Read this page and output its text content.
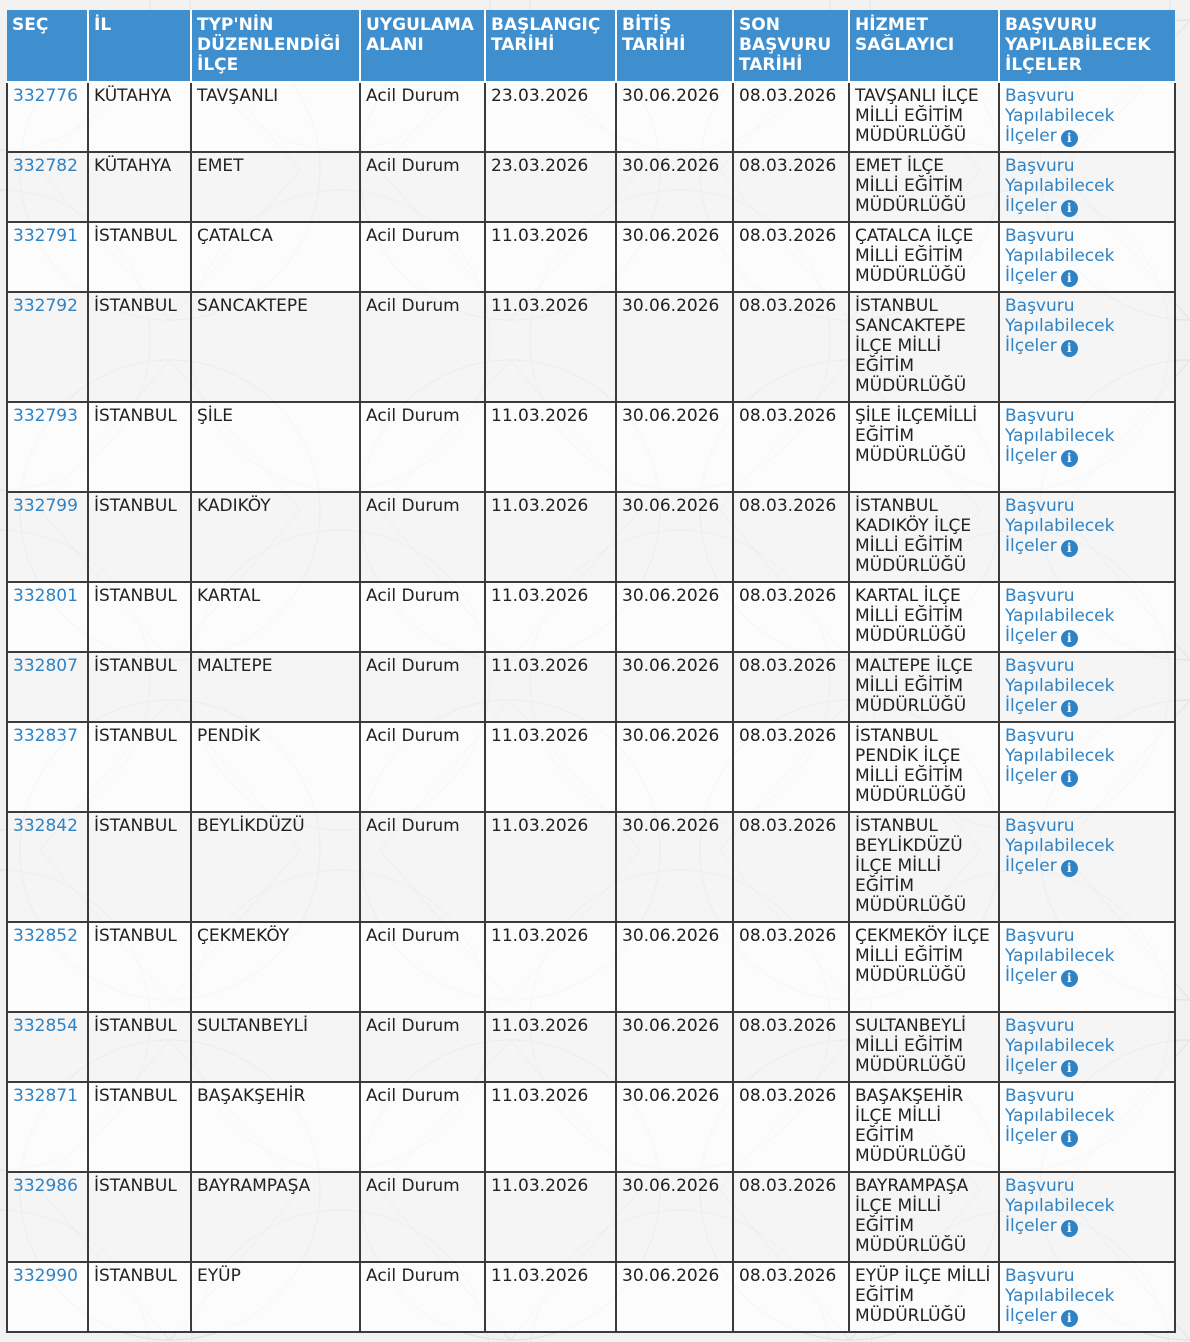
SEÇ	İL	TYP'NİN DÜZENLENDİĞİ İLÇE	UYGULAMA ALANI	BAŞLANGIÇ TARİHİ	BİTİŞ TARİHİ	SON BAŞVURU TARİHİ	HİZMET SAĞLAYICI	BAŞVURU YAPILABİLECEK İLÇELER
332776	KÜTAHYA	TAVŞANLI	Acil Durum	23.03.2026	30.06.2026	08.03.2026	TAVŞANLI İLÇE MİLLİ EĞİTİM MÜDÜRLÜĞÜ	Başvuru Yapılabilecek İlçeler i
332782	KÜTAHYA	EMET	Acil Durum	23.03.2026	30.06.2026	08.03.2026	EMET İLÇE MİLLİ EĞİTİM MÜDÜRLÜĞÜ	Başvuru Yapılabilecek İlçeler i
332791	İSTANBUL	ÇATALCA	Acil Durum	11.03.2026	30.06.2026	08.03.2026	ÇATALCA İLÇE MİLLİ EĞİTİM MÜDÜRLÜĞÜ	Başvuru Yapılabilecek İlçeler i
332792	İSTANBUL	SANCAKTEPE	Acil Durum	11.03.2026	30.06.2026	08.03.2026	İSTANBUL SANCAKTEPE İLÇE MİLLİ EĞİTİM MÜDÜRLÜĞÜ	Başvuru Yapılabilecek İlçeler i
332793	İSTANBUL	ŞİLE	Acil Durum	11.03.2026	30.06.2026	08.03.2026	ŞİLE İLÇEMİLLİ EĞİTİM MÜDÜRLÜĞÜ	Başvuru Yapılabilecek İlçeler i
332799	İSTANBUL	KADIKÖY	Acil Durum	11.03.2026	30.06.2026	08.03.2026	İSTANBUL KADIKÖY İLÇE MİLLİ EĞİTİM MÜDÜRLÜĞÜ	Başvuru Yapılabilecek İlçeler i
332801	İSTANBUL	KARTAL	Acil Durum	11.03.2026	30.06.2026	08.03.2026	KARTAL İLÇE MİLLİ EĞİTİM MÜDÜRLÜĞÜ	Başvuru Yapılabilecek İlçeler i
332807	İSTANBUL	MALTEPE	Acil Durum	11.03.2026	30.06.2026	08.03.2026	MALTEPE İLÇE MİLLİ EĞİTİM MÜDÜRLÜĞÜ	Başvuru Yapılabilecek İlçeler i
332837	İSTANBUL	PENDİK	Acil Durum	11.03.2026	30.06.2026	08.03.2026	İSTANBUL PENDİK İLÇE MİLLİ EĞİTİM MÜDÜRLÜĞÜ	Başvuru Yapılabilecek İlçeler i
332842	İSTANBUL	BEYLİKDÜZÜ	Acil Durum	11.03.2026	30.06.2026	08.03.2026	İSTANBUL BEYLİKDÜZÜ İLÇE MİLLİ EĞİTİM MÜDÜRLÜĞÜ	Başvuru Yapılabilecek İlçeler i
332852	İSTANBUL	ÇEKMEKÖY	Acil Durum	11.03.2026	30.06.2026	08.03.2026	ÇEKMEKÖY İLÇE MİLLİ EĞİTİM MÜDÜRLÜĞÜ	Başvuru Yapılabilecek İlçeler i
332854	İSTANBUL	SULTANBEYLİ	Acil Durum	11.03.2026	30.06.2026	08.03.2026	SULTANBEYLİ MİLLİ EĞİTİM MÜDÜRLÜĞÜ	Başvuru Yapılabilecek İlçeler i
332871	İSTANBUL	BAŞAKŞEHİR	Acil Durum	11.03.2026	30.06.2026	08.03.2026	BAŞAKŞEHİR İLÇE MİLLİ EĞİTİM MÜDÜRLÜĞÜ	Başvuru Yapılabilecek İlçeler i
332986	İSTANBUL	BAYRAMPAŞA	Acil Durum	11.03.2026	30.06.2026	08.03.2026	BAYRAMPAŞA İLÇE MİLLİ EĞİTİM MÜDÜRLÜĞÜ	Başvuru Yapılabilecek İlçeler i
332990	İSTANBUL	EYÜP	Acil Durum	11.03.2026	30.06.2026	08.03.2026	EYÜP İLÇE MİLLİ EĞİTİM MÜDÜRLÜĞÜ	Başvuru Yapılabilecek İlçeler i
